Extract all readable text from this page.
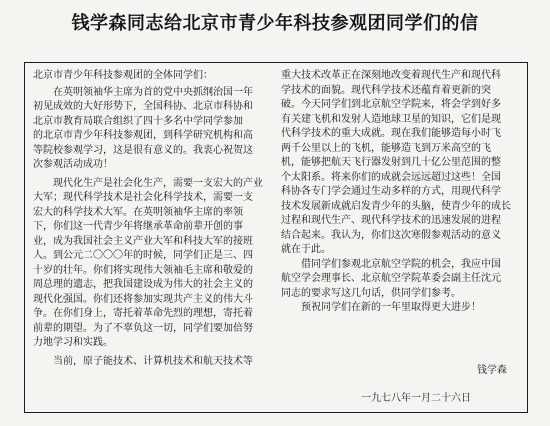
钱学森同志给北京市青少年科技参观团同学们的信

北京市青少年科技参观团的全体同学们：

在英明领袖华主席为首的党中央抓纲治国一年

初见成效的大好形势下，全国科协、北京市科协和

北京市教育局联合组织了四十多名中学同学参加

的北京市青少年科技参观团，到科学研究机构和高

等院校参观学习，这是很有意义的。我衷心祝贺这

次参观活动成功！

现代化生产是社会化生产，需要一支宏大的产业

大军；现代科学技术是社会化科学技术，需要一支

宏大的科学技术大军。在英明领袖华主席的率领

下，你们这一代青少年将继承革命前辈开创的事

业，成为我国社会主义产业大军和科技大军的接班

人。到公元二〇〇〇年的时候，同学们正是三、四

十岁的壮年。你们将实现伟大领袖毛主席和敬爱的

周总理的遗志，把我国建设成为伟大的社会主义的

现代化强国。你们还将参加实现共产主义的伟大斗

争。在你们身上，寄托着革命先烈的理想，寄托着

前辈的期望。为了不辜负这一切，同学们要加倍努

力地学习和实践。

当前，原子能技术、计算机技术和航天技术等

重大技术改革正在深刻地改变着现代生产和现代科

学技术的面貌。现代科学技术还蕴育着更新的突

破。今天同学们到北京航空学院来，将会学到好多

有关建飞机和发射人造地球卫星的知识，它们是现

代科学技术的重大成就。现在我们能够造每小时飞

两千公里以上的飞机，能够造飞到万米高空的飞

机，能够把航天飞行器发射到几十亿公里范围的整

个太阳系。将来你们的成就会远远超过这些！全国

科协各专门学会通过生动多样的方式，用现代科学

技术发展新成就启发青少年的头脑，使青少年的成长

过程和现代生产、现代科学技术的迅速发展的进程

结合起来。我认为，你们这次寒假参观活动的意义

就在于此。

借同学们参观北京航空学院的机会，我应中国

航空学会理事长、北京航空学院革委会副主任沈元

同志的要求写这几句话，供同学们参考。

预祝同学们在新的一年里取得更大进步！

钱学森
一九七八年一月二十六日
